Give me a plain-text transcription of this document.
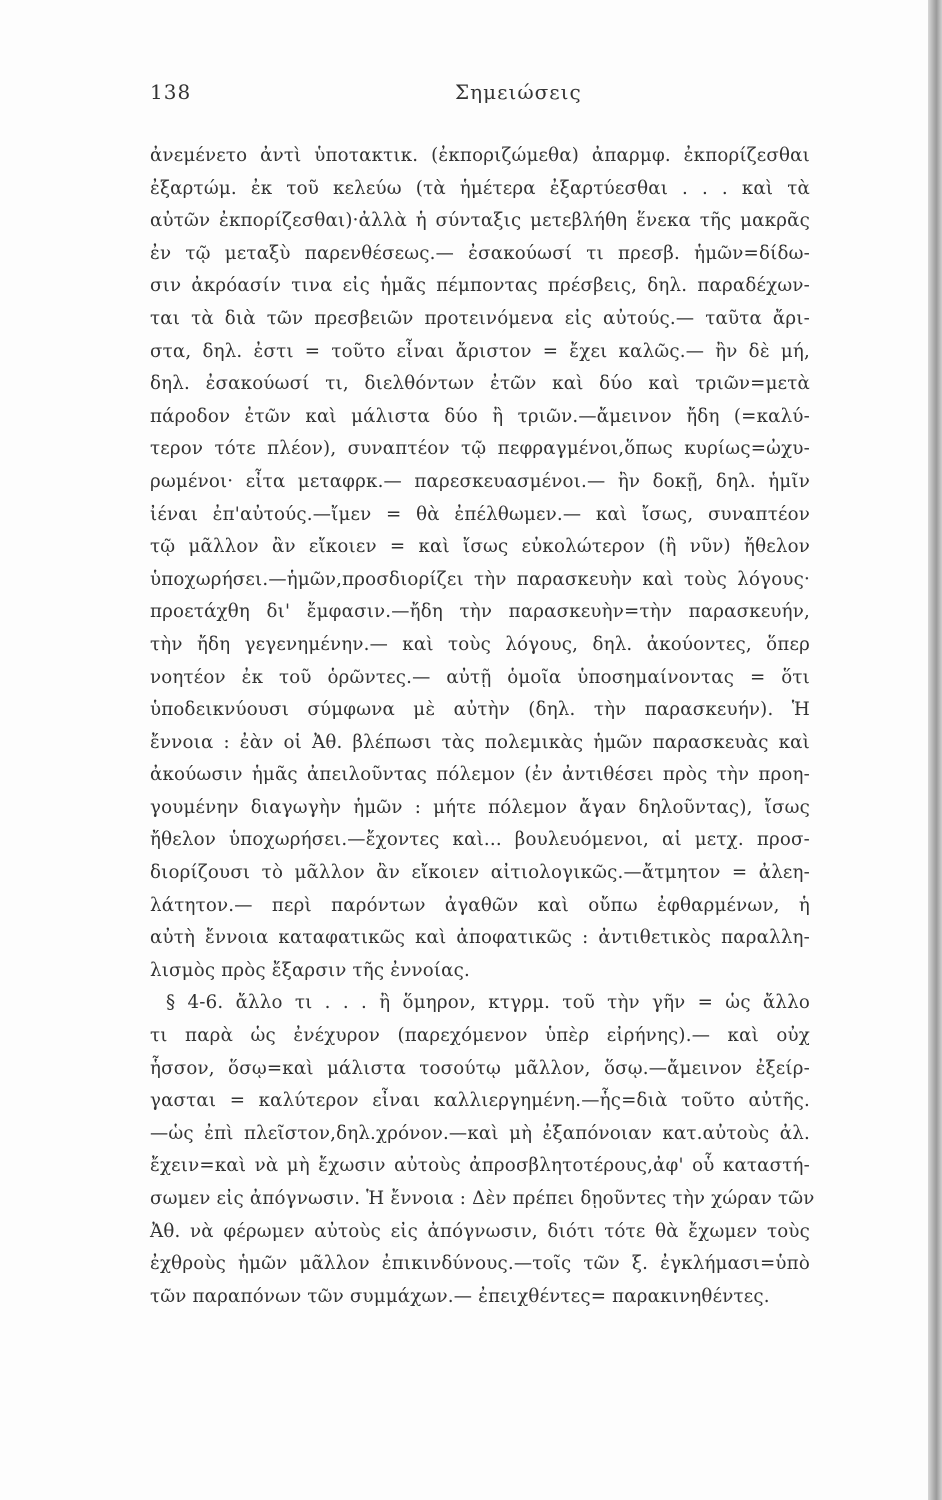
138	Σημειώσεις
ἀνεμένετο ἀντὶ ὑποτακτικ. (ἐκποριζώμεθα) ἀπαρμφ. ἐκπορίζεσθαι
ἐξαρτώμ. ἐκ τοῦ κελεύω (τὰ ἡμέτερα ἐξαρτύεσθαι . . . καὶ τὰ
αὐτῶν ἐκπορίζεσθαι)·ἀλλὰ ἡ σύνταξις μετεβλήθη ἕνεκα τῆς μακρᾶς
ἐν τῷ μεταξὺ παρενθέσεως.— ἐσακούωσί τι πρεσβ. ἡμῶν=δίδω-
σιν ἀκρόασίν τινα εἰς ἡμᾶς πέμποντας πρέσβεις, δηλ. παραδέχων-
ται τὰ διὰ τῶν πρεσβειῶν προτεινόμενα εἰς αὐτούς.— ταῦτα ἄρι-
στα, δηλ. ἐστι = τοῦτο εἶναι ἄριστον = ἔχει καλῶς.— ἢν δὲ μή,
δηλ. ἐσακούωσί τι, διελθόντων ἐτῶν καὶ δύο καὶ τριῶν=μετὰ
πάροδον ἐτῶν καὶ μάλιστα δύο ἢ τριῶν.—ἄμεινον ἤδη (=καλύ-
τερον τότε πλέον), συναπτέον τῷ πεφραγμένοι,ὅπως κυρίως=ὠχυ-
ρωμένοι· εἶτα μεταφρκ.— παρεσκευασμένοι.— ἢν δοκῇ, δηλ. ἡμῖν
ἰέναι ἐπ'αὐτούς.—ἴμεν = θὰ ἐπέλθωμεν.— καὶ ἴσως, συναπτέον
τῷ μᾶλλον ἂν εἴκοιεν = καὶ ἴσως εὐκολώτερον (ἢ νῦν) ἤθελον
ὑποχωρήσει.—ἡμῶν,προσδιορίζει τὴν παρασκευὴν καὶ τοὺς λόγους·
προετάχθη δι' ἔμφασιν.—ἤδη τὴν παρασκευὴν=τὴν παρασκευήν,
τὴν ἤδη γεγενημένην.— καὶ τοὺς λόγους, δηλ. ἀκούοντες, ὅπερ
νοητέον ἐκ τοῦ ὁρῶντες.— αὐτῇ ὁμοῖα ὑποσημαίνοντας = ὅτι
ὑποδεικνύουσι σύμφωνα μὲ αὐτὴν (δηλ. τὴν παρασκευήν). Ἡ
ἔννοια : ἐὰν οἱ Ἀθ. βλέπωσι τὰς πολεμικὰς ἡμῶν παρασκευὰς καὶ
ἀκούωσιν ἡμᾶς ἀπειλοῦντας πόλεμον (ἐν ἀντιθέσει πρὸς τὴν προη-
γουμένην διαγωγὴν ἡμῶν : μήτε πόλεμον ἄγαν δηλοῦντας), ἴσως
ἤθελον ὑποχωρήσει.—ἔχοντες καὶ... βουλευόμενοι, αἱ μετχ. προσ-
διορίζουσι τὸ μᾶλλον ἂν εἴκοιεν αἰτιολογικῶς.—ἄτμητον = ἀλεη-
λάτητον.— περὶ παρόντων ἀγαθῶν καὶ οὔπω ἐφθαρμένων, ἡ
αὐτὴ ἔννοια καταφατικῶς καὶ ἀποφατικῶς : ἀντιθετικὸς παραλλη-
λισμὸς πρὸς ἔξαρσιν τῆς ἐννοίας.
§ 4-6. ἄλλο τι . . . ἢ ὅμηρον, κτγρμ. τοῦ τὴν γῆν = ὡς ἄλλο
τι παρὰ ὡς ἐνέχυρον (παρεχόμενον ὑπὲρ εἰρήνης).— καὶ οὐχ
ἧσσον, ὅσῳ=καὶ μάλιστα τοσούτῳ μᾶλλον, ὅσῳ.—ἄμεινον ἐξείρ-
γασται = καλύτερον εἶναι καλλιεργημένη.—ἧς=διὰ τοῦτο αὐτῆς.
—ὡς ἐπὶ πλεῖστον,δηλ.χρόνον.—καὶ μὴ ἐξαπόνοιαν κατ.αὐτοὺς ἀλ.
ἔχειν=καὶ νὰ μὴ ἔχωσιν αὐτοὺς ἀπροσβλητοτέρους,ἀφ' οὗ καταστή-
σωμεν εἰς ἀπόγνωσιν. Ἡ ἔννοια : Δὲν πρέπει δῃοῦντες τὴν χώραν τῶν
Ἀθ. νὰ φέρωμεν αὐτοὺς εἰς ἀπόγνωσιν, διότι τότε θὰ ἔχωμεν τοὺς
ἐχθροὺς ἡμῶν μᾶλλον ἐπικινδύνους.—τοῖς τῶν ξ. ἐγκλήμασι=ὑπὸ
τῶν παραπόνων τῶν συμμάχων.— ἐπειχθέντες= παρακινηθέντες.
